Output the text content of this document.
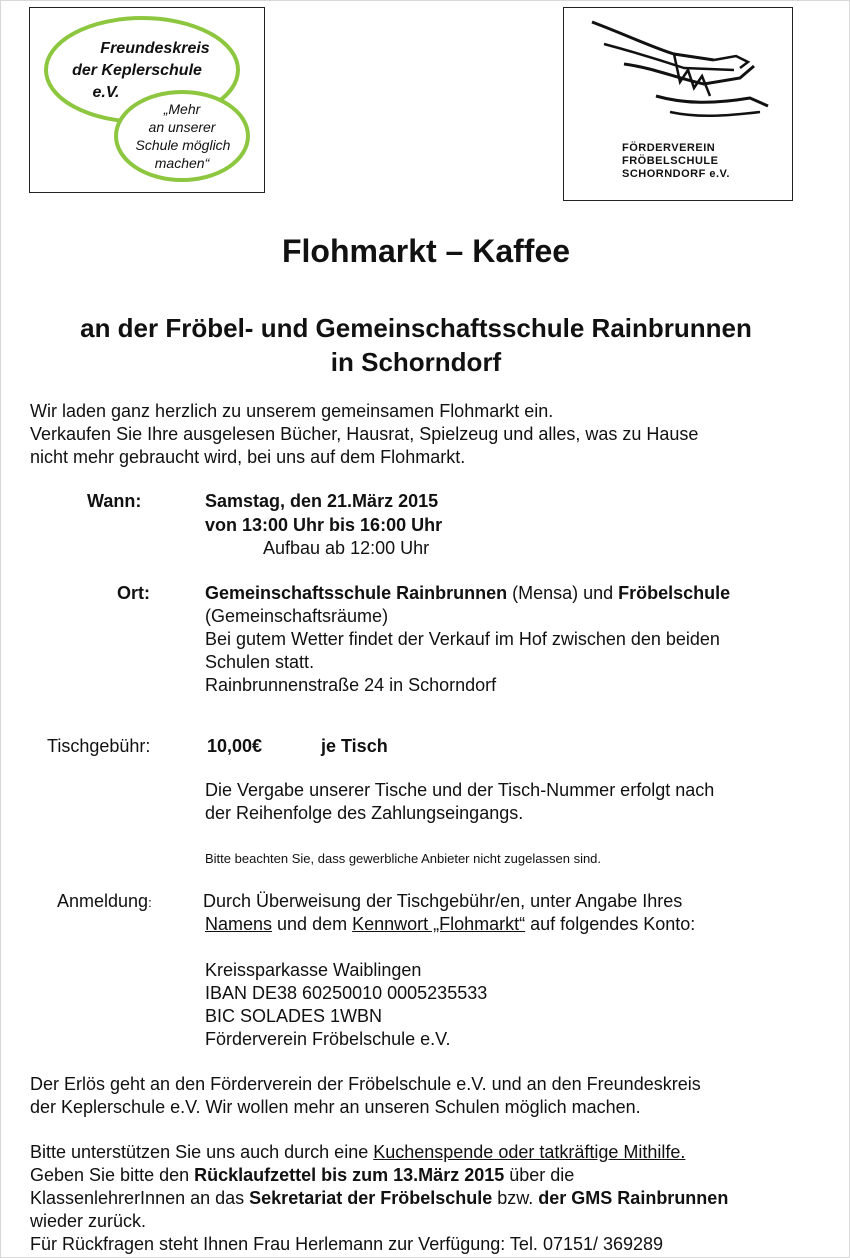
Freundeskreis
der Keplerschule
e.V.
„Mehr
an unserer
Schule möglich
machen“
FÖRDERVEREIN
FRÖBELSCHULE
SCHORNDORF e.V.
Flohmarkt – Kaffee
an der Fröbel- und Gemeinschaftsschule Rainbrunnen
in Schorndorf
Wir laden ganz herzlich zu unserem gemeinsamen Flohmarkt ein.
Verkaufen Sie Ihre ausgelesen Bücher, Hausrat, Spielzeug und alles, was zu Hause
nicht mehr gebraucht wird, bei uns auf dem Flohmarkt.
Wann:	Samstag, den 21.März 2015
von 13:00 Uhr bis 16:00 Uhr
Aufbau ab 12:00 Uhr
Ort:	Gemeinschaftsschule Rainbrunnen (Mensa) und Fröbelschule
(Gemeinschaftsräume)
Bei gutem Wetter findet der Verkauf im Hof zwischen den beiden
Schulen statt.
Rainbrunnenstraße 24 in Schorndorf
Tischgebühr:	10,00€	je Tisch
Die Vergabe unserer Tische und der Tisch-Nummer erfolgt nach
der Reihenfolge des Zahlungseingangs.
Bitte beachten Sie, dass gewerbliche Anbieter nicht zugelassen sind.
Anmeldung:	Durch Überweisung der Tischgebühr/en, unter Angabe Ihres
Namens und dem Kennwort „Flohmarkt“ auf folgendes Konto:
Kreissparkasse Waiblingen
IBAN DE38 60250010 0005235533
BIC SOLADES 1WBN
Förderverein Fröbelschule e.V.
Der Erlös geht an den Förderverein der Fröbelschule e.V. und an den Freundeskreis
der Keplerschule e.V. Wir wollen mehr an unseren Schulen möglich machen.
Bitte unterstützen Sie uns auch durch eine Kuchenspende oder tatkräftige Mithilfe.
Geben Sie bitte den Rücklaufzettel bis zum 13.März 2015 über die
KlassenlehrerInnen an das Sekretariat der Fröbelschule bzw. der GMS Rainbrunnen
wieder zurück.
Für Rückfragen steht Ihnen Frau Herlemann zur Verfügung: Tel. 07151/ 369289
